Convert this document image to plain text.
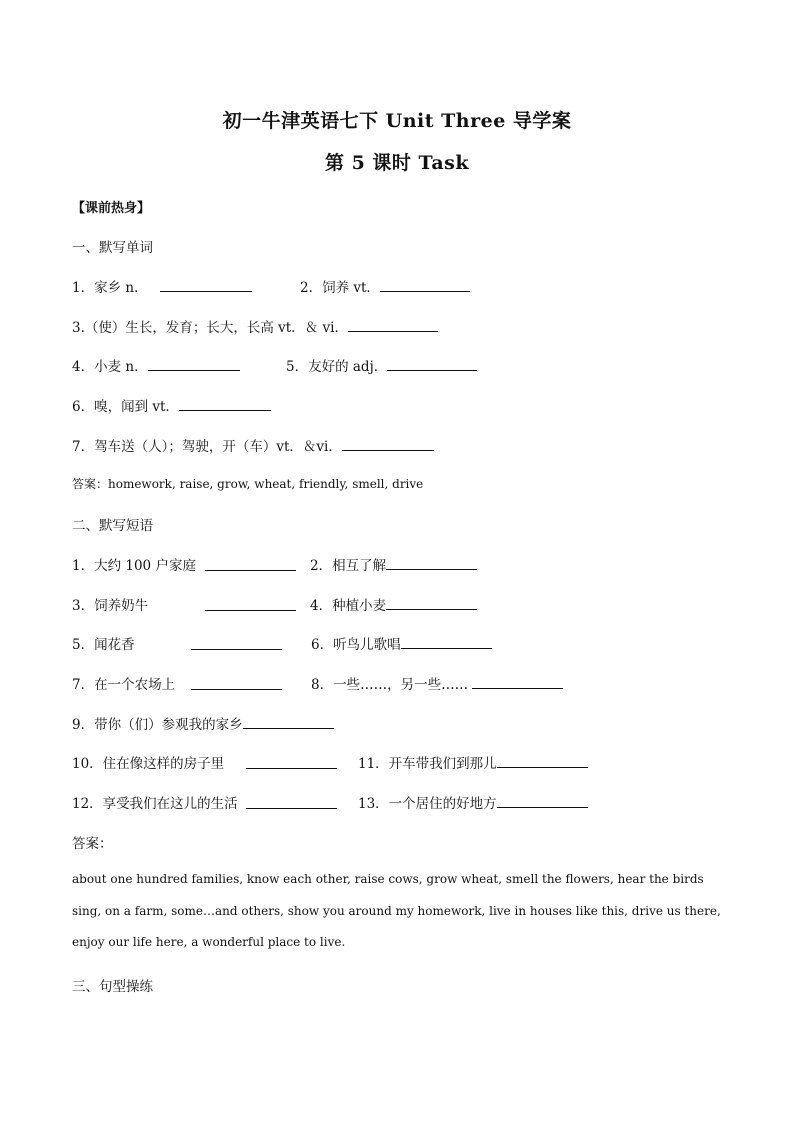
初一牛津英语七下 Unit Three 导学案
第 5 课时 Task
【课前热身】
一、默写单词
1．家乡 n．	2．饲养 vt．
3.（使）生长，发育；长大，长高 vt．＆ vi．
4．小麦 n．	5．友好的 adj．
6．嗅，闻到 vt．
7．驾车送（人）；驾驶，开（车）vt．＆vi．
答案：homework, raise, grow, wheat, friendly, smell, drive
二、默写短语
1．大约 100 户家庭	2．相互了解
3．饲养奶牛	4．种植小麦
5．闻花香	6．听鸟儿歌唱
7．在一个农场上	8．一些……，另一些……
9．带你（们）参观我的家乡
10．住在像这样的房子里	11．开车带我们到那儿
12．享受我们在这儿的生活	13．一个居住的好地方
答案：
about one hundred families, know each other, raise cows, grow wheat, smell the flowers, hear the birds sing, on a farm, some…and others, show you around my homework, live in houses like this, drive us there, enjoy our life here, a wonderful place to live.
三、句型操练
